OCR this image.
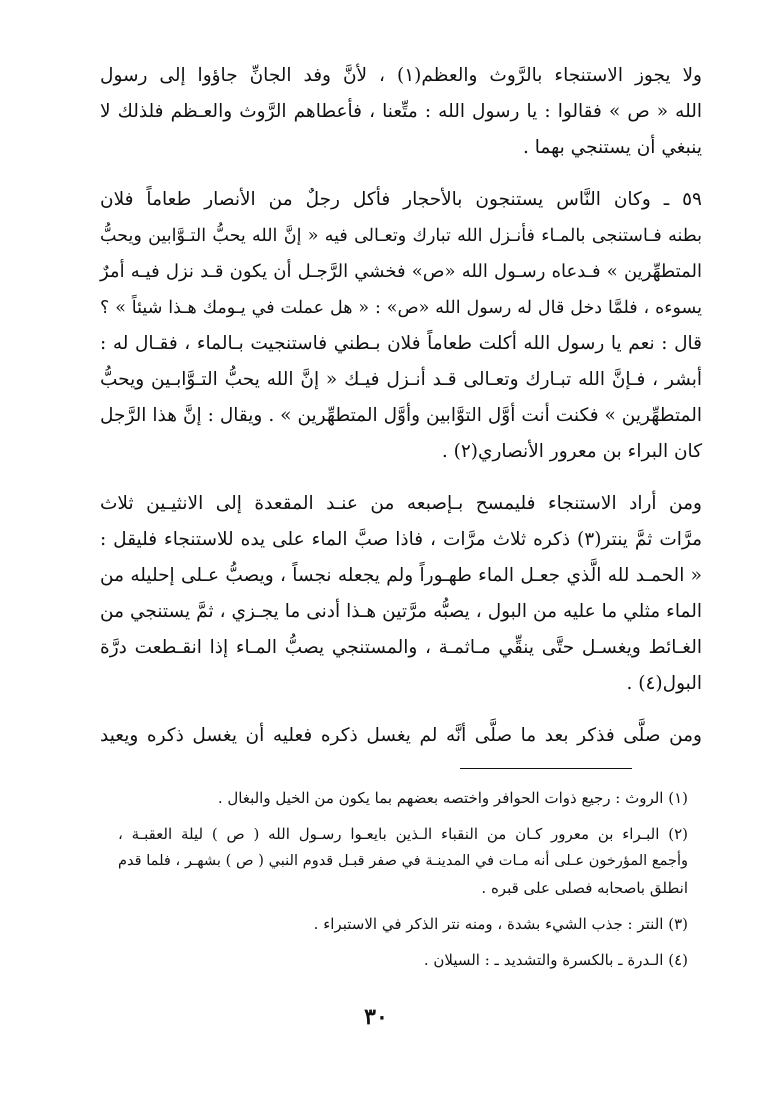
ولا يجوز الاستنجاء بالرَّوث والعظم(١) ، لأنَّ وفد الجانِّ جاؤوا إلى رسول
الله « ص » فقالوا : يا رسول الله : متِّعنا ، فأعطاهم الرَّوث والعـظم فلذلك لا
ينبغي أن يستنجي بهما .

٥٩ ـ وكان النَّاس يستنجون بالأحجار فأكل رجلٌ من الأنصار طعاماً فلان
بطنه فـاستنجى بالمـاء فأنـزل الله تبارك وتعـالى فيه « إنَّ الله يحبُّ التـوَّابين ويحبُّ
المتطهِّرين » فـدعاه رسـول الله «ص» فخشي الرَّجـل أن يكون قـد نزل فيـه أمرٌ
يسوءه ، فلمَّا دخل قال له رسول الله «ص» : « هل عملت في يـومك هـذا شيئاً » ؟
قال : نعم يا رسول الله أكلت طعاماً فلان بـطني فاستنجيت بـالماء ، فقـال له :
أبشر ، فـإنَّ الله تبـارك وتعـالى قـد أنـزل فيـك « إنَّ الله يحبُّ التـوَّابـين ويحبُّ
المتطهِّرين » فكنت أنت أوَّل التوَّابين وأوَّل المتطهِّرين » . ويقال : إنَّ هذا الرَّجل
كان البراء بن معرور الأنصاري(٢) .

ومن أراد الاستنجاء فليمسح بـإصبعه من عنـد المقعدة إلى الانثيـين ثلاث
مرَّات ثمَّ ينتر(٣) ذكره ثلاث مرَّات ، فاذا صبَّ الماء على يده للاستنجاء فليقل :
« الحمـد لله الَّذي جعـل الماء طهـوراً ولم يجعله نجساً ، ويصبُّ عـلى إحليله من
الماء مثلي ما عليه من البول ، يصبُّه مرَّتين هـذا أدنى ما يجـزي ، ثمَّ يستنجي من
الغـائط ويغسـل حتَّى ينقِّي مـاثمـة ، والمستنجي يصبُّ المـاء إذا انقـطعت درَّة
البول(٤) .

ومن صلَّى فذكر بعد ما صلَّى أنَّه لم يغسل ذكره فعليه أن يغسل ذكره ويعيد

(١) الروث : رجيع ذوات الحوافر واختصه بعضهم بما يكون من الخيل والبغال .

(٢) البـراء بن معرور كـان من النقباء الـذين بايعـوا رسـول الله ( ص ) ليلة العقبـة ،
وأجمع المؤرخون عـلى أنه مـات في المدينـة في صفر قبـل قدوم النبي ( ص ) بشهـر ، فلما قدم
انطلق باصحابه فصلى على قبره .

(٣) النتر : جذب الشيء بشدة ، ومنه نتر الذكر في الاستبراء .

(٤) الـدرة ـ بالكسرة والتشديد ـ : السيلان .

٣٠
